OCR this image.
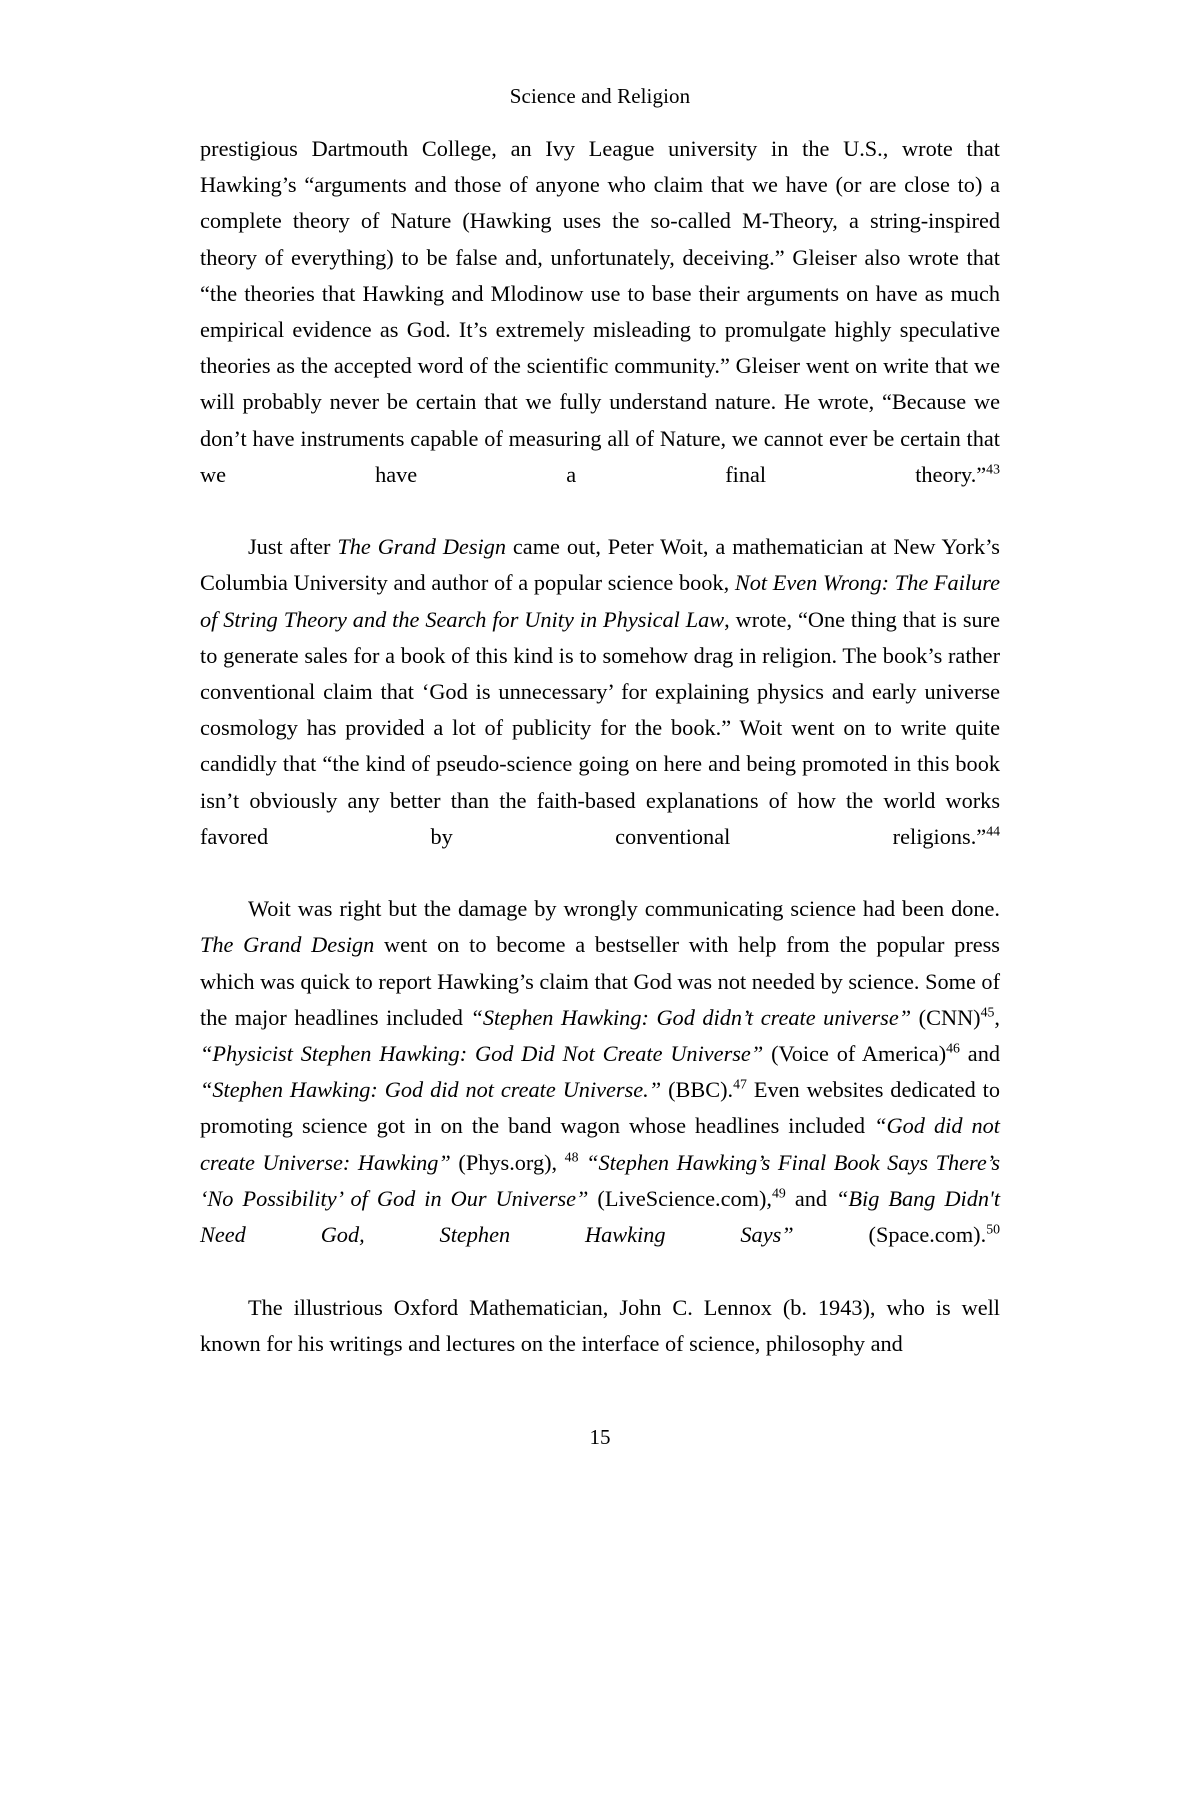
Science and Religion

prestigious Dartmouth College, an Ivy League university in the U.S., wrote that Hawking’s “arguments and those of anyone who claim that we have (or are close to) a complete theory of Nature (Hawking uses the so-called M-Theory, a string-inspired theory of everything) to be false and, unfortunately, deceiving.” Gleiser also wrote that “the theories that Hawking and Mlodinow use to base their arguments on have as much empirical evidence as God. It’s extremely misleading to promulgate highly speculative theories as the accepted word of the scientific community.” Gleiser went on write that we will probably never be certain that we fully understand nature. He wrote, “Because we don’t have instruments capable of measuring all of Nature, we cannot ever be certain that we have a final theory.”$^{43}$

Just after The Grand Design came out, Peter Woit, a mathematician at New York’s Columbia University and author of a popular science book, Not Even Wrong: The Failure of String Theory and the Search for Unity in Physical Law, wrote, “One thing that is sure to generate sales for a book of this kind is to somehow drag in religion. The book’s rather conventional claim that ‘God is unnecessary’ for explaining physics and early universe cosmology has provided a lot of publicity for the book.” Woit went on to write quite candidly that “the kind of pseudo-science going on here and being promoted in this book isn’t obviously any better than the faith-based explanations of how the world works favored by conventional religions.”$^{44}$

Woit was right but the damage by wrongly communicating science had been done. The Grand Design went on to become a bestseller with help from the popular press which was quick to report Hawking’s claim that God was not needed by science. Some of the major headlines included “Stephen Hawking: God didn’t create universe” (CNN)$^{45}$, “Physicist Stephen Hawking: God Did Not Create Universe” (Voice of America)$^{46}$ and “Stephen Hawking: God did not create Universe.” (BBC).$^{47}$ Even websites dedicated to promoting science got in on the band wagon whose headlines included “God did not create Universe: Hawking” (Phys.org), $^{48}$ “Stephen Hawking’s Final Book Says There’s ‘No Possibility’ of God in Our Universe” (LiveScience.com),$^{49}$ and “Big Bang Didn't Need God, Stephen Hawking Says” (Space.com).$^{50}$

The illustrious Oxford Mathematician, John C. Lennox (b. 1943), who is well known for his writings and lectures on the interface of science, philosophy and

15
